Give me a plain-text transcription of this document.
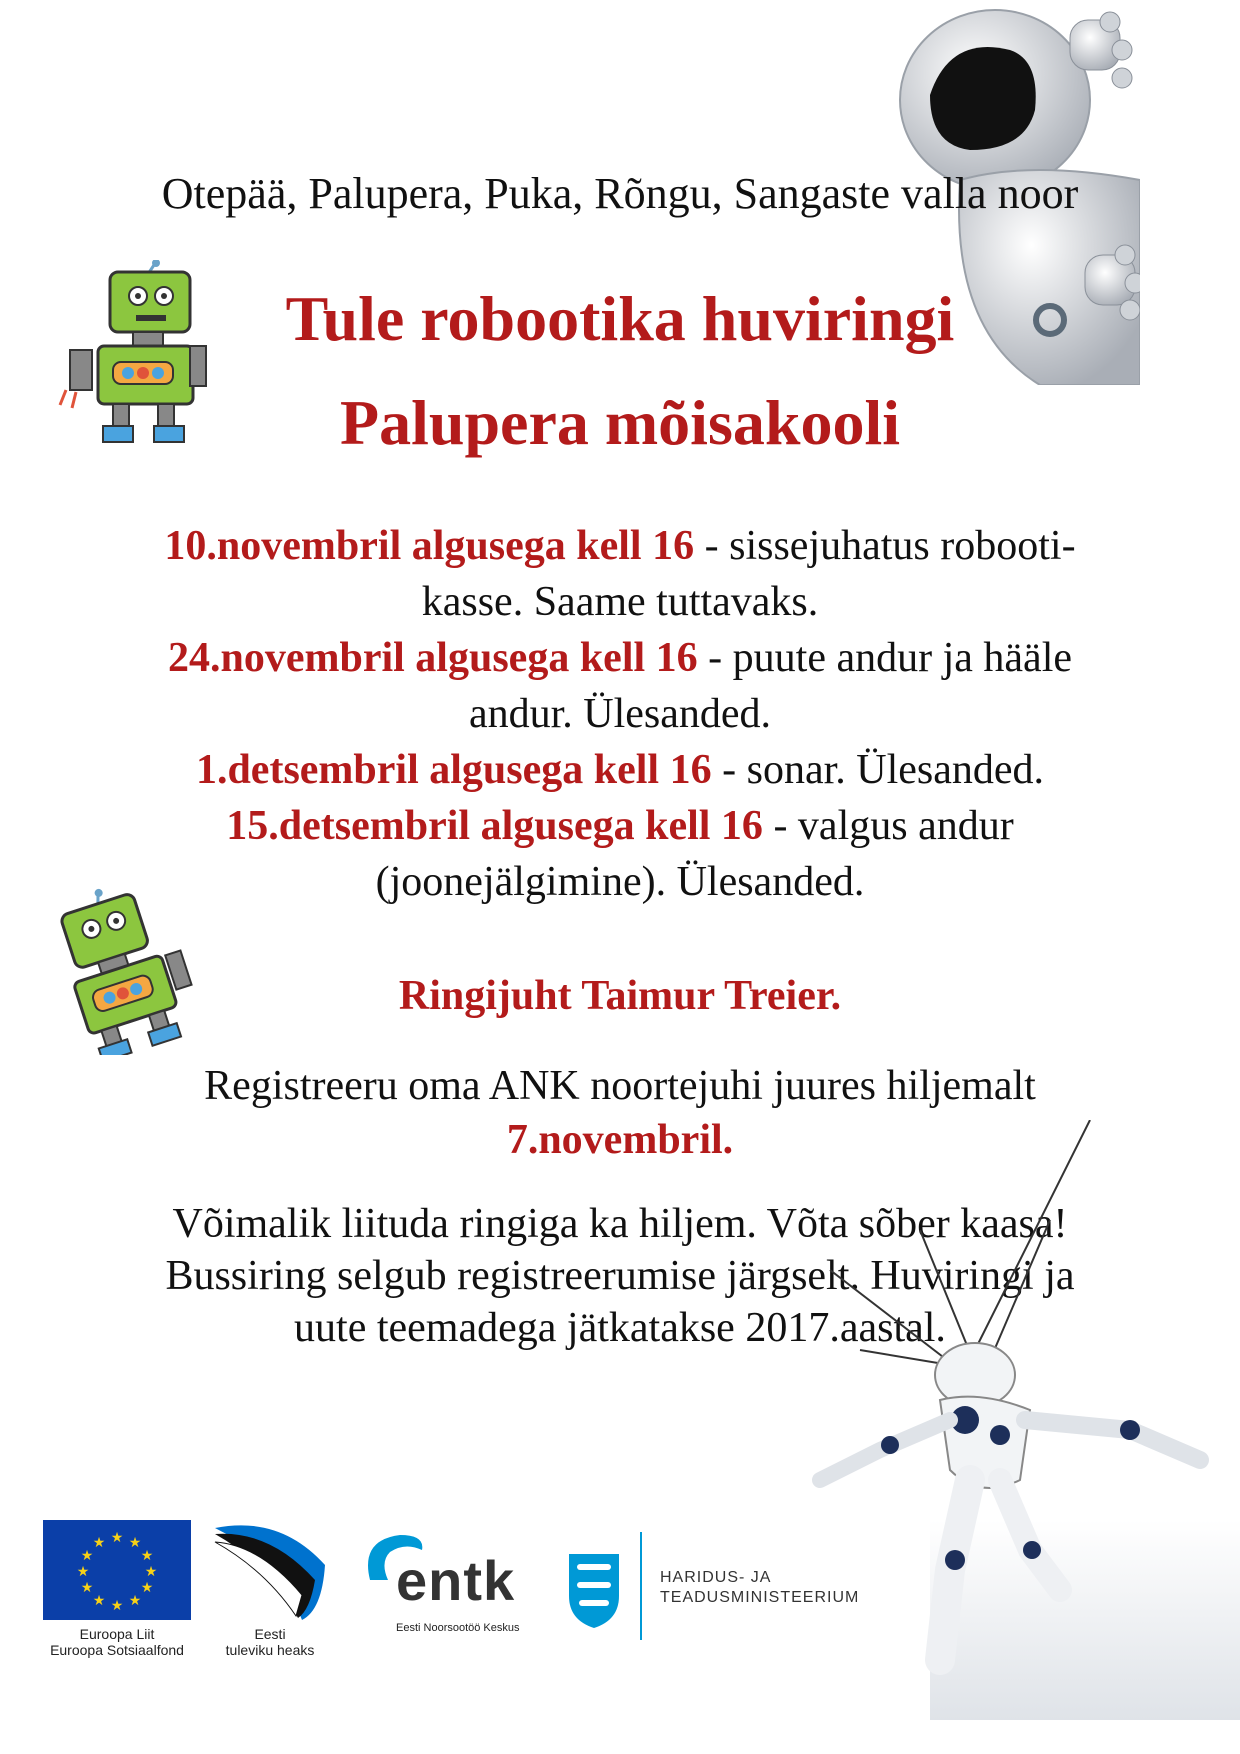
Otepää, Palupera, Puka, Rõngu, Sangaste valla noor
Tule robootika huviringi
Palupera mõisakooli
10.novembril algusega kell 16 - sissejuhatus robooti-
kasse. Saame tuttavaks.
24.novembril algusega kell 16 - puute andur ja hääle
andur. Ülesanded.
1.detsembril algusega kell 16 - sonar. Ülesanded.
15.detsembril algusega kell 16 - valgus andur
(joonejälgimine). Ülesanded.
Ringijuht Taimur Treier.
Registreeru oma ANK noortejuhi juures hiljemalt
7.novembril.
Võimalik liituda ringiga ka hiljem. Võta sõber kaasa!
Bussiring selgub registreerumise järgselt. Huviringi ja
uute teemadega jätkatakse 2017.aastal.
★ ★
★
★
★
★
★
★
★
★
★
★
Euroopa Liit
Euroopa Sotsiaalfond
Eesti
tuleviku heaks
entk
Eesti Noorsootöö Keskus
HARIDUS- JA
TEADUSMINISTEERIUM
